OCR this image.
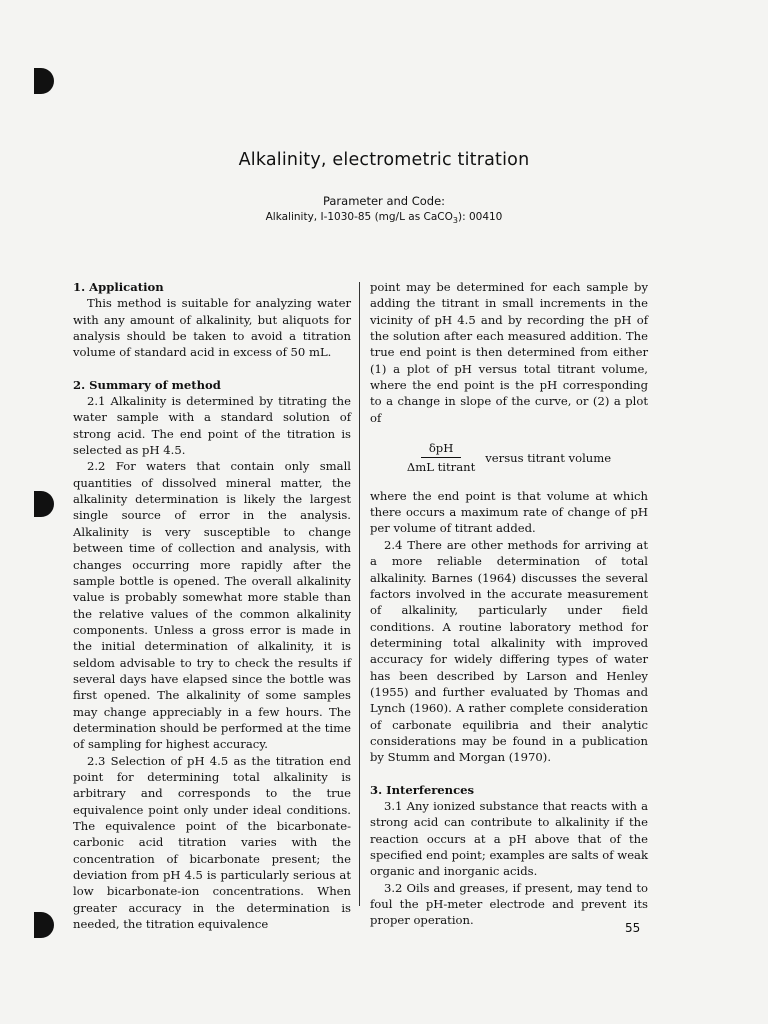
Alkalinity, electrometric titration
Parameter and Code:
Alkalinity, I-1030-85 (mg/L as CaCO$_3$): 00410

1. Application

This method is suitable for analyzing water with any amount of alkalinity, but aliquots for analysis should be taken to avoid a titration volume of standard acid in excess of 50 mL.

2. Summary of method

2.1 Alkalinity is determined by titrating the water sample with a standard solution of strong acid. The end point of the titration is selected as pH 4.5.

2.2 For waters that contain only small quantities of dissolved mineral matter, the alkalinity determination is likely the largest single source of error in the analysis. Alkalinity is very susceptible to change between time of collection and analysis, with changes occurring more rapidly after the sample bottle is opened. The overall alkalinity value is probably somewhat more stable than the relative values of the common alkalinity components. Unless a gross error is made in the initial determination of alkalinity, it is seldom advisable to try to check the results if several days have elapsed since the bottle was first opened. The alkalinity of some samples may change appreciably in a few hours. The determination should be performed at the time of sampling for highest accuracy.

2.3 Selection of pH 4.5 as the titration end point for determining total alkalinity is arbitrary and corresponds to the true equivalence point only under ideal conditions. The equivalence point of the bicarbonate-carbonic acid titration varies with the concentration of bicarbonate present; the deviation from pH 4.5 is particularly serious at low bicarbonate-ion concentrations. When greater accuracy in the determination is needed, the titration equivalence

point may be determined for each sample by adding the titrant in small increments in the vicinity of pH 4.5 and by recording the pH of the solution after each measured addition. The true end point is then determined from either (1) a plot of pH versus total titrant volume, where the end point is the pH corresponding to a change in slope of the curve, or (2) a plot of

$\frac{\text{δpH}}{\text{ΔmL titrant}}$ versus titrant volume

where the end point is that volume at which there occurs a maximum rate of change of pH per volume of titrant added.

2.4 There are other methods for arriving at a more reliable determination of total alkalinity. Barnes (1964) discusses the several factors involved in the accurate measurement of alkalinity, particularly under field conditions. A routine laboratory method for determining total alkalinity with improved accuracy for widely differing types of water has been described by Larson and Henley (1955) and further evaluated by Thomas and Lynch (1960). A rather complete consideration of carbonate equilibria and their analytic considerations may be found in a publication by Stumm and Morgan (1970).

3. Interferences

3.1 Any ionized substance that reacts with a strong acid can contribute to alkalinity if the reaction occurs at a pH above that of the specified end point; examples are salts of weak organic and inorganic acids.

3.2 Oils and greases, if present, may tend to foul the pH-meter electrode and prevent its proper operation.

55
